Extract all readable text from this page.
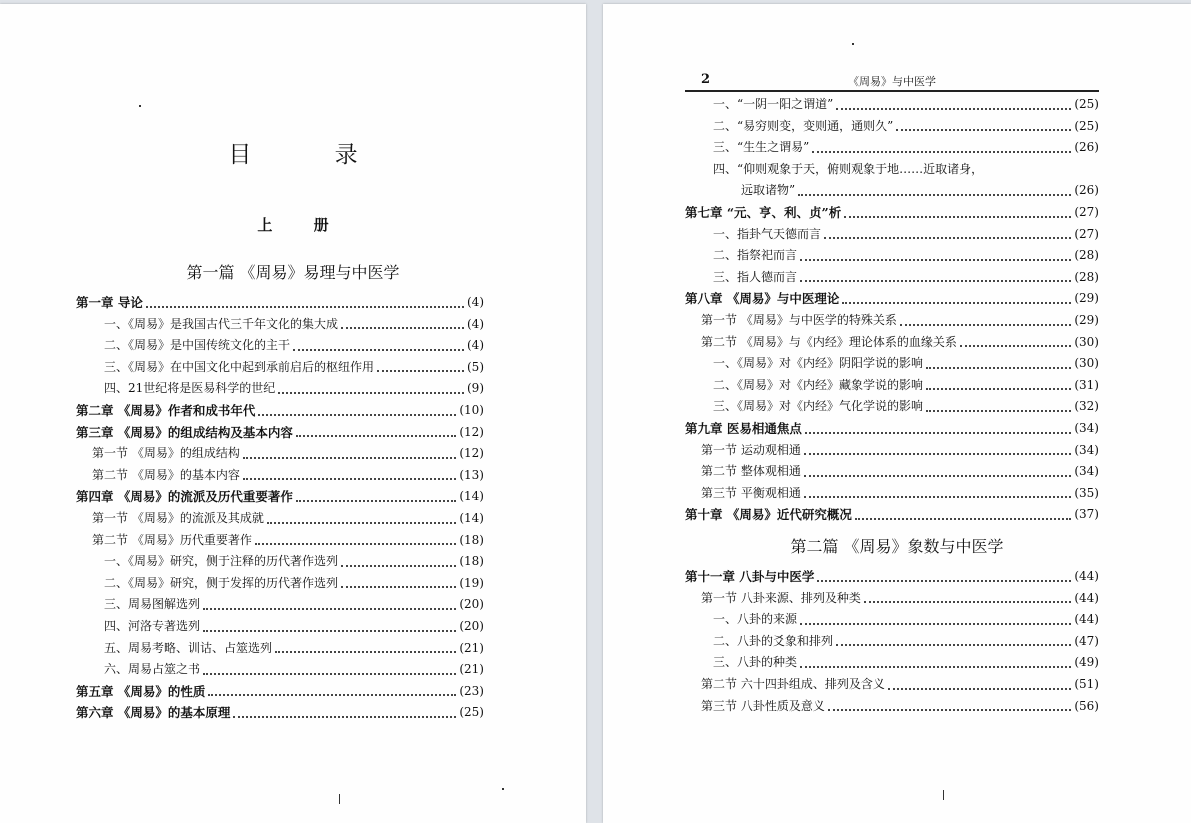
目 录
上 册
第一篇 《周易》易理与中医学
第一章 导论	(4)
一、《周易》是我国古代三千年文化的集大成	(4)
二、《周易》是中国传统文化的主干	(4)
三、《周易》在中国文化中起到承前启后的枢纽作用	(5)
四、21世纪将是医易科学的世纪	(9)
第二章 《周易》作者和成书年代	(10)
第三章 《周易》的组成结构及基本内容	(12)
第一节 《周易》的组成结构	(12)
第二节 《周易》的基本内容	(13)
第四章 《周易》的流派及历代重要著作	(14)
第一节 《周易》的流派及其成就	(14)
第二节 《周易》历代重要著作	(18)
一、《周易》研究，侧于注释的历代著作选列	(18)
二、《周易》研究，侧于发挥的历代著作选列	(19)
三、周易图解选列	(20)
四、河洛专著选列	(20)
五、周易考略、训诂、占筮选列	(21)
六、周易占筮之书	(21)
第五章 《周易》的性质	(23)
第六章 《周易》的基本原理	(25)
2	《周易》与中医学
一、“一阴一阳之谓道”	(25)
二、“易穷则变，变则通，通则久”	(25)
三、“生生之谓易”	(26)
四、“仰则观象于天，俯则观象于地……近取诸身，
远取诸物”	(26)
第七章 “元、亨、利、贞”析	(27)
一、指卦气天德而言	(27)
二、指祭祀而言	(28)
三、指人德而言	(28)
第八章 《周易》与中医理论	(29)
第一节 《周易》与中医学的特殊关系	(29)
第二节 《周易》与《内经》理论体系的血缘关系	(30)
一、《周易》对《内经》阴阳学说的影响	(30)
二、《周易》对《内经》藏象学说的影响	(31)
三、《周易》对《内经》气化学说的影响	(32)
第九章 医易相通焦点	(34)
第一节 运动观相通	(34)
第二节 整体观相通	(34)
第三节 平衡观相通	(35)
第十章 《周易》近代研究概况	(37)
第二篇 《周易》象数与中医学
第十一章 八卦与中医学	(44)
第一节 八卦来源、排列及种类	(44)
一、八卦的来源	(44)
二、八卦的爻象和排列	(47)
三、八卦的种类	(49)
第二节 六十四卦组成、排列及含义	(51)
第三节 八卦性质及意义	(56)
